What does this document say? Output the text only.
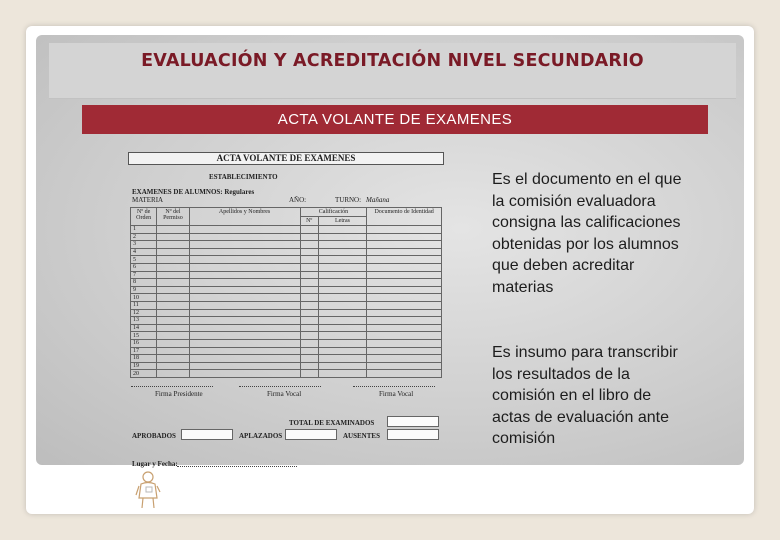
EVALUACIÓN Y ACREDITACIÓN NIVEL SECUNDARIO
ACTA VOLANTE DE EXAMENES
ACTA VOLANTE DE EXAMENES
ESTABLECIMIENTO
EXAMENES DE ALUMNOS: Regulares
MATERIA	AÑO:	TURNO: Mañana
Nº de Orden	Nº del Permiso	Apellidos y Nombres	Calificación		Documento de Identidad
			Nº	Letras	
1					
2					
3					
4					
5					
6					
7					
8					
9					
10					
11					
12					
13					
14					
15					
16					
17					
18					
19					
20					
Firma Presidente	Firma Vocal	Firma Vocal
TOTAL DE EXAMINADOS
APROBADOS	APLAZADOS	AUSENTES
Lugar y Fecha:
Es el documento en el que
la comisión evaluadora
consigna las calificaciones
obtenidas por los alumnos
que deben acreditar
materias
Es insumo para transcribir
los resultados de la
comisión en el libro de
actas de evaluación ante
comisión
